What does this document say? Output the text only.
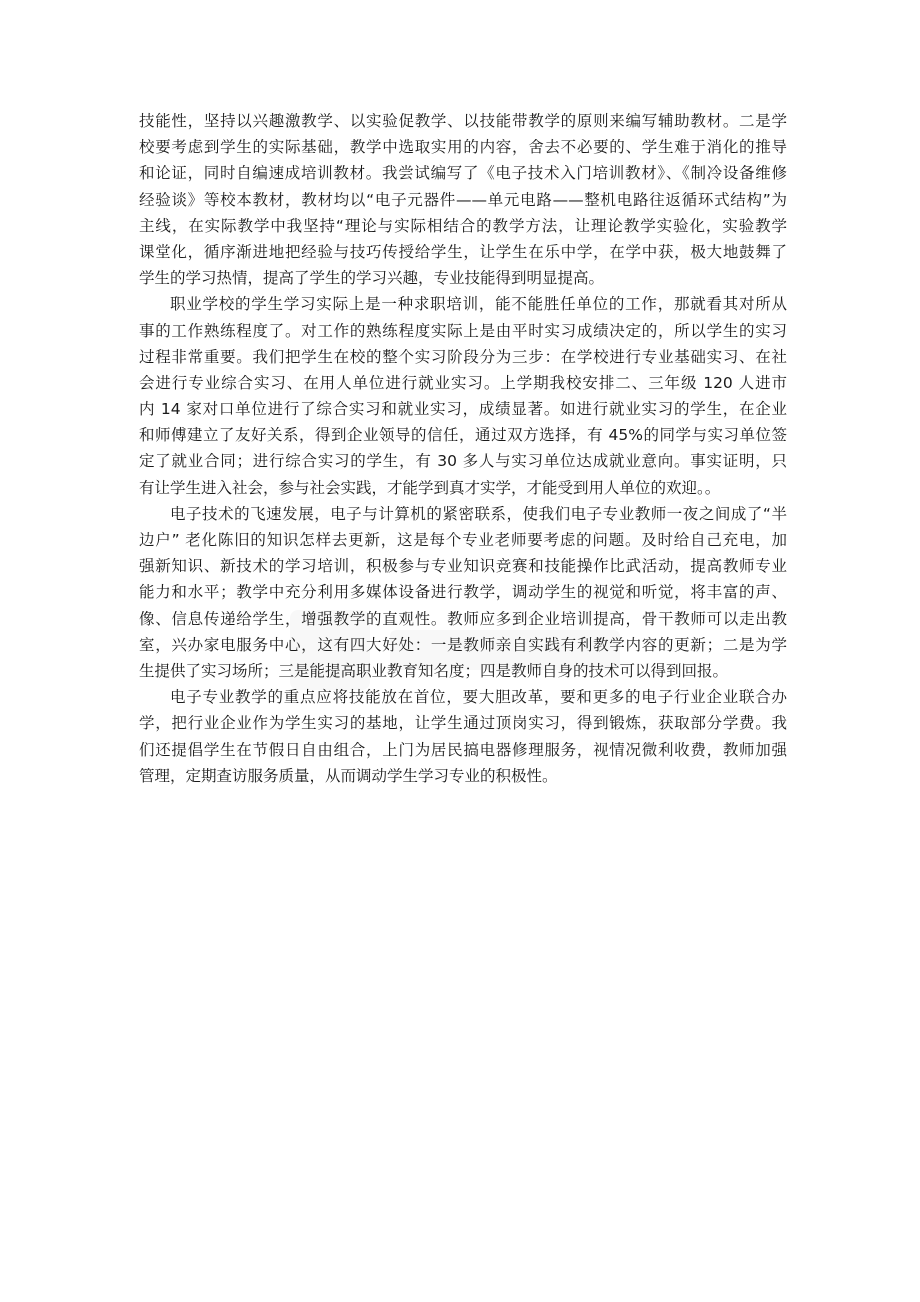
技能性，坚持以兴趣激教学、以实验促教学、以技能带教学的原则来编写辅助教材。二是学
校要考虑到学生的实际基础，教学中选取实用的内容，舍去不必要的、学生难于消化的推导
和论证，同时自编速成培训教材。我尝试编写了《电子技术入门培训教材》、《制冷设备维修
经验谈》等校本教材，教材均以“电子元器件——单元电路——整机电路往返循环式结构”为
主线，在实际教学中我坚持“理论与实际相结合的教学方法，让理论教学实验化，实验教学
课堂化，循序渐进地把经验与技巧传授给学生，让学生在乐中学，在学中获，极大地鼓舞了
学生的学习热情，提高了学生的学习兴趣，专业技能得到明显提高。
职业学校的学生学习实际上是一种求职培训，能不能胜任单位的工作，那就看其对所从
事的工作熟练程度了。对工作的熟练程度实际上是由平时实习成绩决定的，所以学生的实习
过程非常重要。我们把学生在校的整个实习阶段分为三步：在学校进行专业基础实习、在社
会进行专业综合实习、在用人单位进行就业实习。上学期我校安排二、三年级 120 人进市
内 14 家对口单位进行了综合实习和就业实习，成绩显著。如进行就业实习的学生，在企业
和师傅建立了友好关系，得到企业领导的信任，通过双方选择，有 45%的同学与实习单位签
定了就业合同；进行综合实习的学生，有 30 多人与实习单位达成就业意向。事实证明，只
有让学生进入社会，参与社会实践，才能学到真才实学，才能受到用人单位的欢迎。。
电子技术的飞速发展，电子与计算机的紧密联系，使我们电子专业教师一夜之间成了“半
边户” 老化陈旧的知识怎样去更新，这是每个专业老师要考虑的问题。及时给自己充电，加
强新知识、新技术的学习培训，积极参与专业知识竞赛和技能操作比武活动，提高教师专业
能力和水平；教学中充分利用多媒体设备进行教学，调动学生的视觉和听觉，将丰富的声、
像、信息传递给学生，增强教学的直观性。教师应多到企业培训提高，骨干教师可以走出教
室，兴办家电服务中心，这有四大好处：一是教师亲自实践有利教学内容的更新；二是为学
生提供了实习场所；三是能提高职业教育知名度；四是教师自身的技术可以得到回报。
电子专业教学的重点应将技能放在首位，要大胆改革，要和更多的电子行业企业联合办
学，把行业企业作为学生实习的基地，让学生通过顶岗实习，得到锻炼，获取部分学费。我
们还提倡学生在节假日自由组合，上门为居民搞电器修理服务，视情况微利收费，教师加强
管理，定期查访服务质量，从而调动学生学习专业的积极性。
